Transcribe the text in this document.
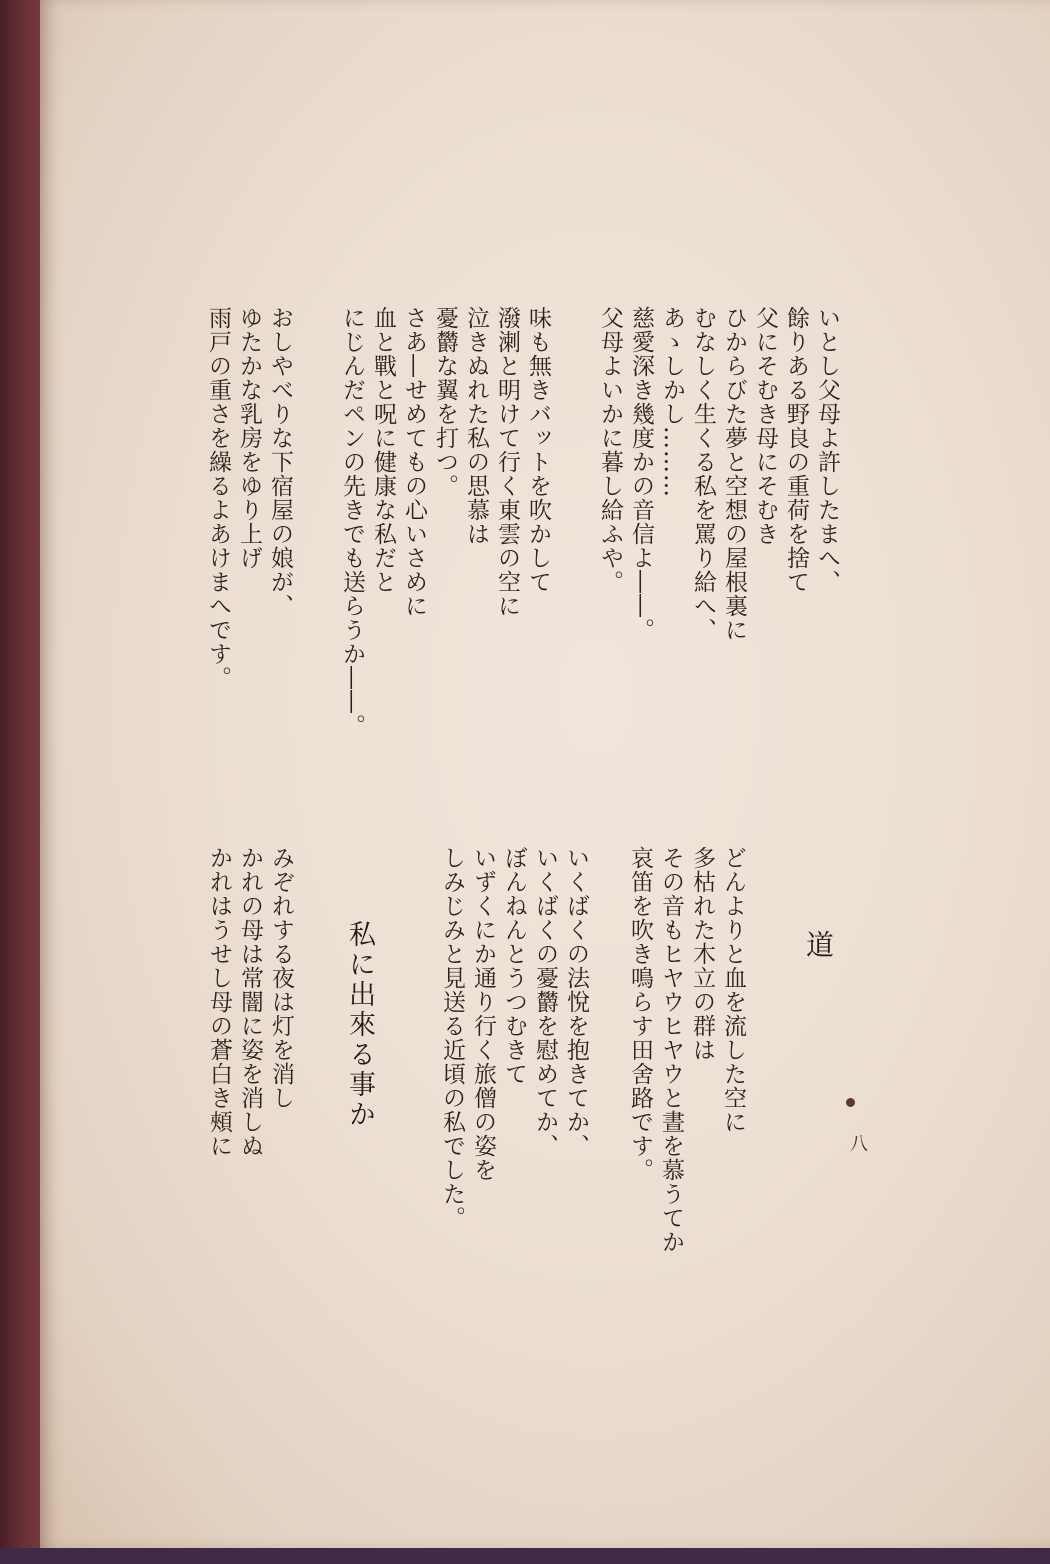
いとし父母よ許したまへ、
餘りある野良の重荷を捨て
父にそむき母にそむき
ひからびた夢と空想の屋根裏に
むなしく生くる私を罵り給へ、
あゝしかし………
慈愛深き幾度かの音信よ――。
父母よいかに暮し給ふや。
味も無きバットを吹かして
潑溂と明けて行く東雲の空に
泣きぬれた私の思慕は
憂欝な翼を打つ。
さあ―せめてもの心いさめに
血と戰と呪に健康な私だと
にじんだペンの先きでも送らうか――。
おしやべりな下宿屋の娘が、
ゆたかな乳房をゆり上げ
雨戸の重さを繰るよあけまへです。
道
どんよりと血を流した空に
多枯れた木立の群は
その音もヒヤウヒヤウと晝を慕うてか
哀笛を吹き鳴らす田舍路です。
いくばくの法悅を抱きてか、
いくばくの憂欝を慰めてか、
ぼんねんとうつむきて
いずくにか通り行く旅僧の姿を
しみじみと見送る近頃の私でした。
私に出來る事か
みぞれする夜は灯を消し
かれの母は常闇に姿を消しぬ
かれはうせし母の蒼白き頰に	八
